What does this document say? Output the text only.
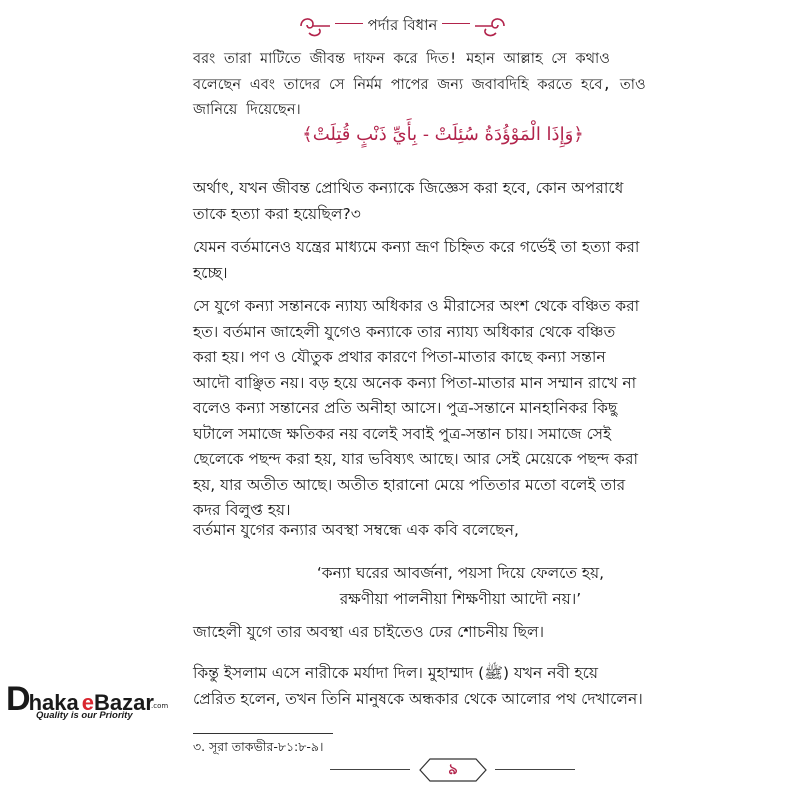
পর্দার বিধান
বরং তারা মাটিতে জীবন্ত দাফন করে দিত! মহান আল্লাহ সে কথাও
বলেছেন এবং তাদের সে নির্মম পাপের জন্য জবাবদিহি করতে হবে, তাও
জানিয়ে দিয়েছেন।
﴿وَإِذَا الْمَوْؤُدَةُ سُئِلَتْ - بِأَيِّ ذَنْبٍ قُتِلَتْ﴾
অর্থাৎ, যখন জীবন্ত প্রোথিত কন্যাকে জিজ্ঞেস করা হবে, কোন অপরাধে
তাকে হত্যা করা হয়েছিল?৩
যেমন বর্তমানেও যন্ত্রের মাধ্যমে কন্যা ভ্রূণ চিহ্নিত করে গর্ভেই তা হত্যা করা
হচ্ছে।
সে যুগে কন্যা সন্তানকে ন্যায্য অধিকার ও মীরাসের অংশ থেকে বঞ্চিত করা
হত। বর্তমান জাহেলী যুগেও কন্যাকে তার ন্যায্য অধিকার থেকে বঞ্চিত
করা হয়। পণ ও যৌতুক প্রথার কারণে পিতা-মাতার কাছে কন্যা সন্তান
আদৌ বাঞ্ছিত নয়। বড় হয়ে অনেক কন্যা পিতা-মাতার মান সম্মান রাখে না
বলেও কন্যা সন্তানের প্রতি অনীহা আসে। পুত্র-সন্তানে মানহানিকর কিছু
ঘটালে সমাজে ক্ষতিকর নয় বলেই সবাই পুত্র-সন্তান চায়। সমাজে সেই
ছেলেকে পছন্দ করা হয়, যার ভবিষ্যৎ আছে। আর সেই মেয়েকে পছন্দ করা
হয়, যার অতীত আছে। অতীত হারানো মেয়ে পতিতার মতো বলেই তার
কদর বিলুপ্ত হয়।
বর্তমান যুগের কন্যার অবস্থা সম্বন্ধে এক কবি বলেছেন,
‘কন্যা ঘরের আবর্জনা, পয়সা দিয়ে ফেলতে হয়,
রক্ষণীয়া পালনীয়া শিক্ষণীয়া আদৌ নয়।’
জাহেলী যুগে তার অবস্থা এর চাইতেও ঢের শোচনীয় ছিল।
কিন্তু ইসলাম এসে নারীকে মর্যাদা দিল। মুহাম্মাদ (ﷺ) যখন নবী হয়ে
প্রেরিত হলেন, তখন তিনি মানুষকে অন্ধকার থেকে আলোর পথ দেখালেন।
৩. সূরা তাকভীর-৮১:৮-৯।
৯
Dhaka eBazar
.com
Quality is our Priority
